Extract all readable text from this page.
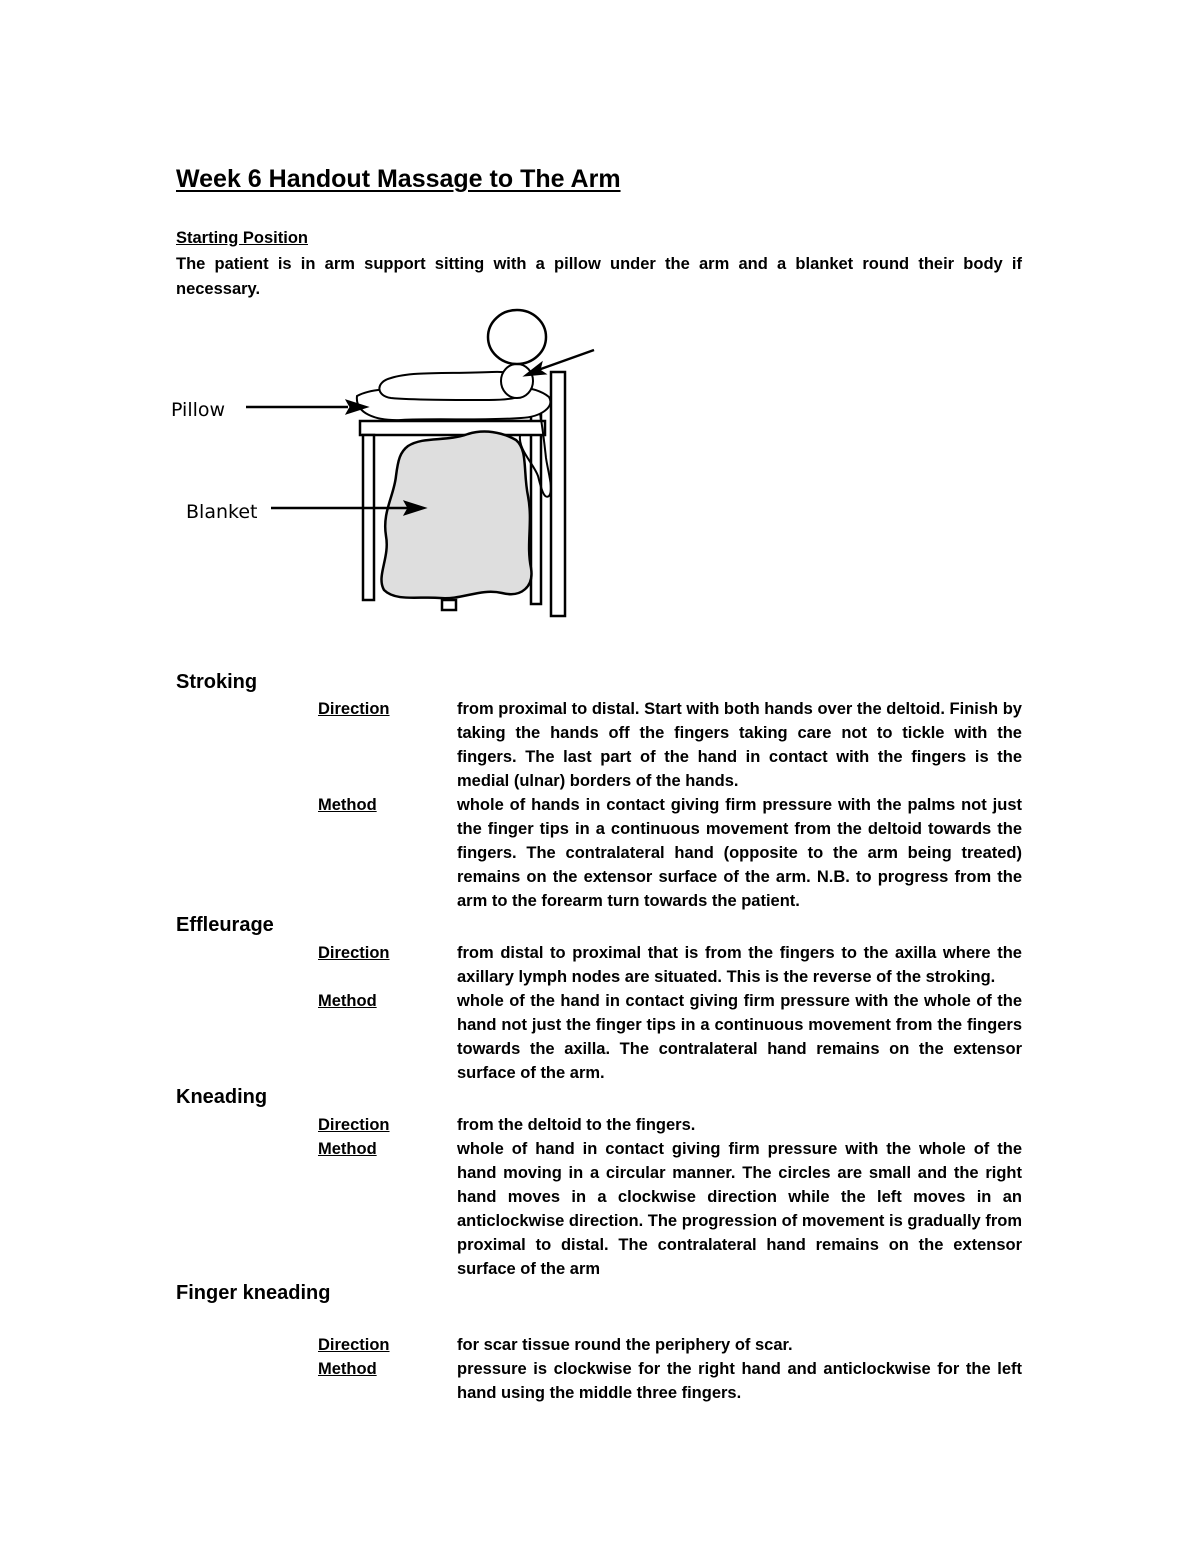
Week 6 Handout Massage to The Arm
Starting Position
The patient is in arm support sitting with a pillow under the arm and a blanket round their body if necessary.
Pillow
Blanket
Stroking
Direction	from proximal to distal. Start with both hands over the deltoid. Finish by taking the hands off the fingers taking care not to tickle with the fingers. The last part of the hand in contact with the fingers is the medial (ulnar) borders of the hands.
Method	whole of hands in contact giving firm pressure with the palms not just the finger tips in a continuous movement from the deltoid towards the fingers. The contralateral hand (opposite to the arm being treated) remains on the extensor surface of the arm. N.B. to progress from the arm to the forearm turn towards the patient.
Effleurage
Direction	from distal to proximal that is from the fingers to the axilla where the axillary lymph nodes are situated. This is the reverse of the stroking.
Method	whole of the hand in contact giving firm pressure with the whole of the hand not just the finger tips in a continuous movement from the fingers towards the axilla. The contralateral hand remains on the extensor surface of the arm.
Kneading
Direction	from the deltoid to the fingers.
Method	whole of hand in contact giving firm pressure with the whole of the hand moving in a circular manner. The circles are small and the right hand moves in a clockwise direction while the left moves in an anticlockwise direction. The progression of movement is gradually from proximal to distal. The contralateral hand remains on the extensor surface of the arm
Finger kneading
Direction	for scar tissue round the periphery of scar.
Method	pressure is clockwise for the right hand and anticlockwise for the left hand using the middle three fingers.
